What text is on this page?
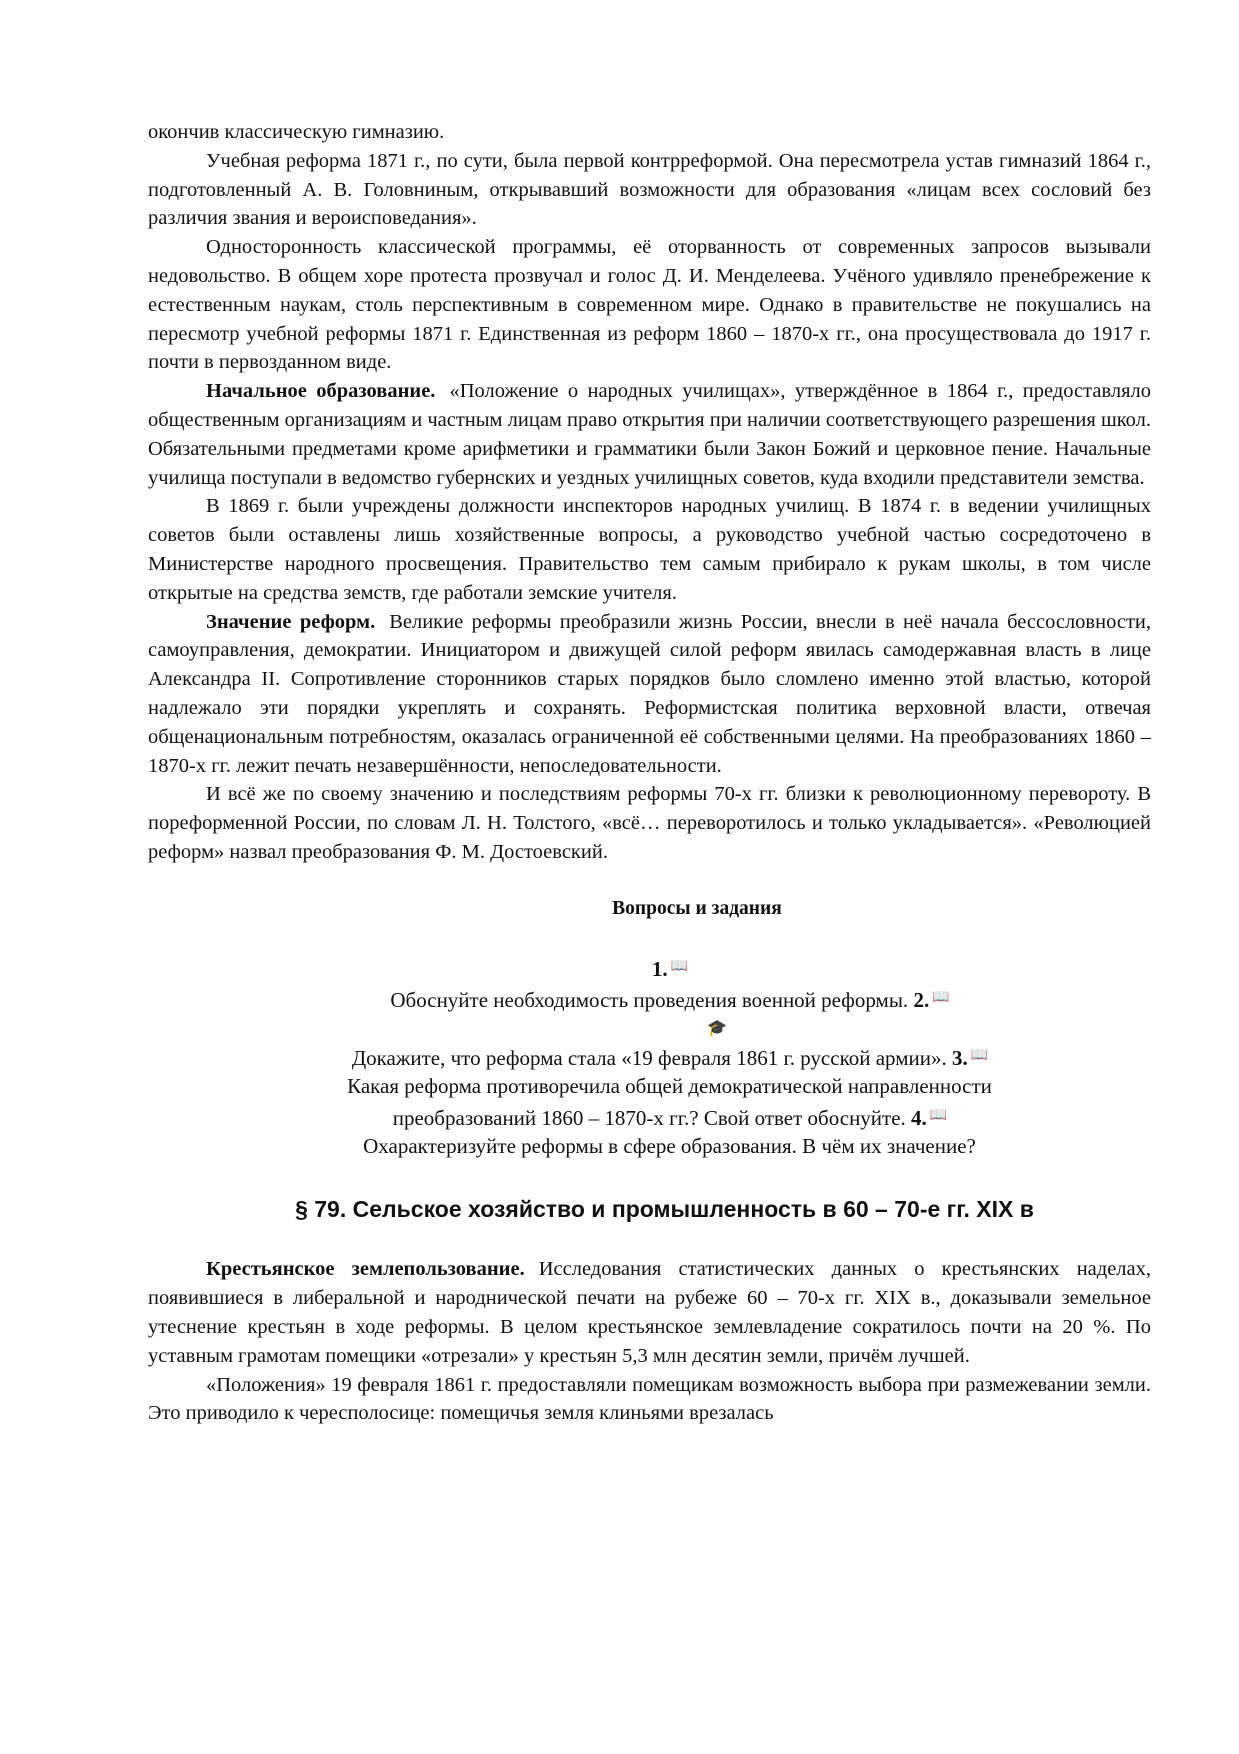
окончив классическую гимназию.

Учебная реформа 1871 г., по сути, была первой контрреформой. Она пересмотрела устав гимназий 1864 г., подготовленный А. В. Головниным, открывавший возможности для образования «лицам всех сословий без различия звания и вероисповедания».

Односторонность классической программы, её оторванность от современных запросов вызывали недовольство. В общем хоре протеста прозвучал и голос Д. И. Менделеева. Учёного удивляло пренебрежение к естественным наукам, столь перспективным в современном мире. Однако в правительстве не покушались на пересмотр учебной реформы 1871 г. Единственная из реформ 1860 – 1870-х гг., она просуществовала до 1917 г. почти в первозданном виде.

Начальное образование. «Положение о народных училищах», утверждённое в 1864 г., предоставляло общественным организациям и частным лицам право открытия при наличии соответствующего разрешения школ. Обязательными предметами кроме арифметики и грамматики были Закон Божий и церковное пение. Начальные училища поступали в ведомство губернских и уездных училищных советов, куда входили представители земства.

В 1869 г. были учреждены должности инспекторов народных училищ. В 1874 г. в ведении училищных советов были оставлены лишь хозяйственные вопросы, а руководство учебной частью сосредоточено в Министерстве народного просвещения. Правительство тем самым прибирало к рукам школы, в том числе открытые на средства земств, где работали земские учителя.

Значение реформ. Великие реформы преобразили жизнь России, внесли в неё начала бессословности, самоуправления, демократии. Инициатором и движущей силой реформ явилась самодержавная власть в лице Александра II. Сопротивление сторонников старых порядков было сломлено именно этой властью, которой надлежало эти порядки укреплять и сохранять. Реформистская политика верховной власти, отвечая общенациональным потребностям, оказалась ограниченной её собственными целями. На преобразованиях 1860 – 1870-х гг. лежит печать незавершённости, непоследовательности.

И всё же по своему значению и последствиям реформы 70-х гг. близки к революционному перевороту. В пореформенной России, по словам Л. Н. Толстого, «всё… переворотилось и только укладывается». «Революцией реформ» назвал преобразования Ф. М. Достоевский.

Вопросы и задания
1. 📖
Обоснуйте необходимость проведения военной реформы. 2. 📖
🎓
Докажите, что реформа стала «19 февраля 1861 г. русской армии». 3. 📖
Какая реформа противоречила общей демократической направленности
преобразований 1860 – 1870-х гг.? Свой ответ обоснуйте. 4. 📖
Охарактеризуйте реформы в сфере образования. В чём их значение?
§ 79. Сельское хозяйство и промышленность в 60 – 70-е гг. XIX в

Крестьянское землепользование. Исследования статистических данных о крестьянских наделах, появившиеся в либеральной и народнической печати на рубеже 60 – 70-х гг. XIX в., доказывали земельное утеснение крестьян в ходе реформы. В целом крестьянское землевладение сократилось почти на 20 %. По уставным грамотам помещики «отрезали» у крестьян 5,3 млн десятин земли, причём лучшей.

«Положения» 19 февраля 1861 г. предоставляли помещикам возможность выбора при размежевании земли. Это приводило к чересполосице: помещичья земля клиньями врезалась
